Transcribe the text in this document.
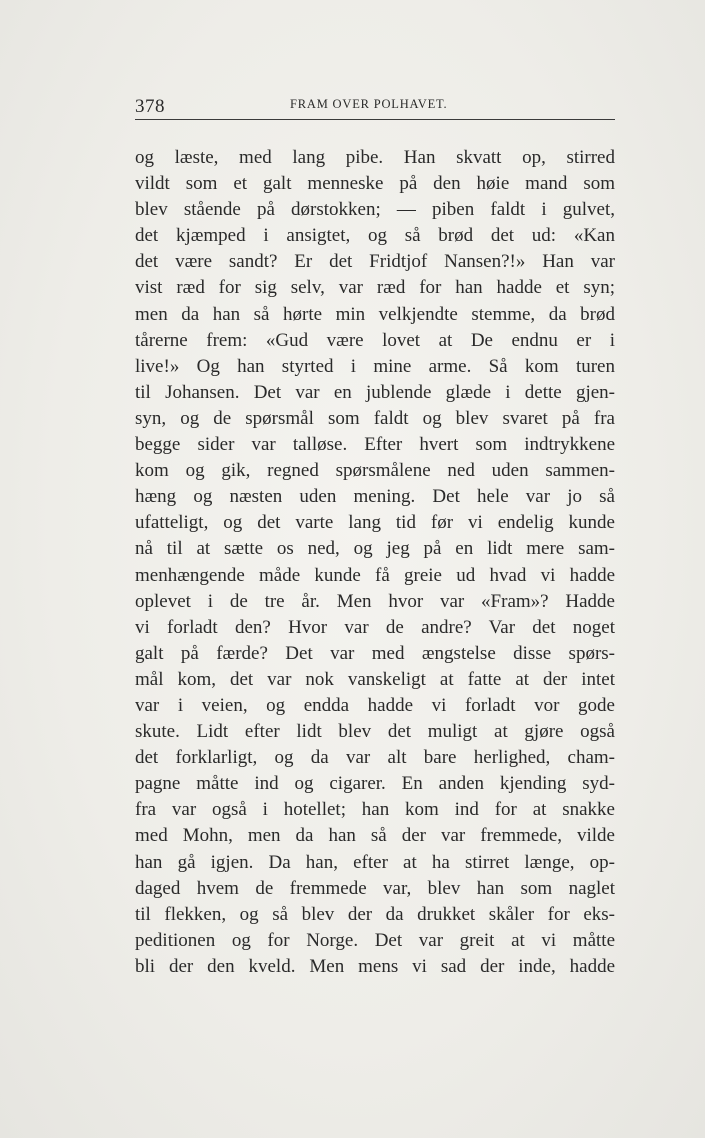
378	FRAM OVER POLHAVET.
og læste, med lang pibe. Han skvatt op, stirred
vildt som et galt menneske på den høie mand som
blev stående på dørstokken; — piben faldt i gulvet,
det kjæmped i ansigtet, og så brød det ud: «Kan
det være sandt? Er det Fridtjof Nansen?!» Han var
vist ræd for sig selv, var ræd for han hadde et syn;
men da han så hørte min velkjendte stemme, da brød
tårerne frem: «Gud være lovet at De endnu er i
live!» Og han styrted i mine arme. Så kom turen
til Johansen. Det var en jublende glæde i dette gjen-
syn, og de spørsmål som faldt og blev svaret på fra
begge sider var talløse. Efter hvert som indtrykkene
kom og gik, regned spørsmålene ned uden sammen-
hæng og næsten uden mening. Det hele var jo så
ufatteligt, og det varte lang tid før vi endelig kunde
nå til at sætte os ned, og jeg på en lidt mere sam-
menhængende måde kunde få greie ud hvad vi hadde
oplevet i de tre år. Men hvor var «Fram»? Hadde
vi forladt den? Hvor var de andre? Var det noget
galt på færde? Det var med ængstelse disse spørs-
mål kom, det var nok vanskeligt at fatte at der intet
var i veien, og endda hadde vi forladt vor gode
skute. Lidt efter lidt blev det muligt at gjøre også
det forklarligt, og da var alt bare herlighed, cham-
pagne måtte ind og cigarer. En anden kjending syd-
fra var også i hotellet; han kom ind for at snakke
med Mohn, men da han så der var fremmede, vilde
han gå igjen. Da han, efter at ha stirret længe, op-
daged hvem de fremmede var, blev han som naglet
til flekken, og så blev der da drukket skåler for eks-
peditionen og for Norge. Det var greit at vi måtte
bli der den kveld. Men mens vi sad der inde, hadde
